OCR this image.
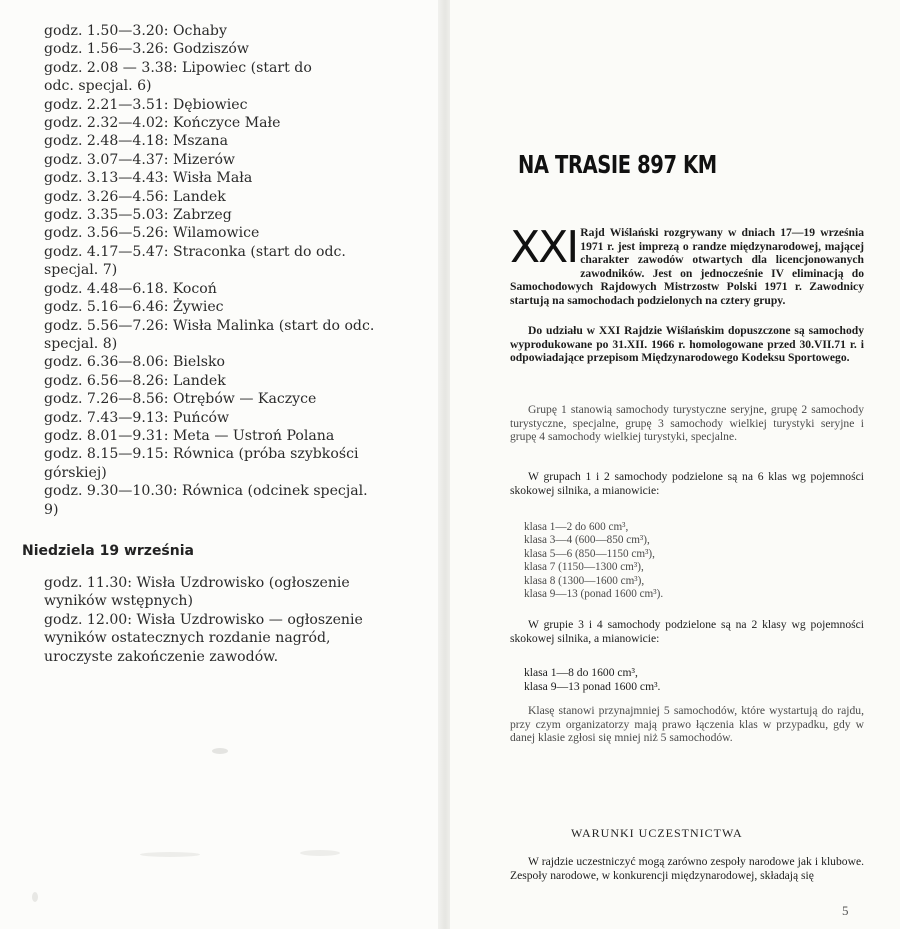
godz. 1.50—3.20: Ochaby
godz. 1.56—3.26: Godziszów
godz. 2.08 — 3.38: Lipowiec (start do odc. specjal. 6)
godz. 2.21—3.51: Dębiowiec
godz. 2.32—4.02: Kończyce Małe
godz. 2.48—4.18: Mszana
godz. 3.07—4.37: Mizerów
godz. 3.13—4.43: Wisła Mała
godz. 3.26—4.56: Landek
godz. 3.35—5.03: Zabrzeg
godz. 3.56—5.26: Wilamowice
godz. 4.17—5.47: Straconka (start do odc. specjal. 7)
godz. 4.48—6.18. Kocoń
godz. 5.16—6.46: Żywiec
godz. 5.56—7.26: Wisła Malinka (start do odc. specjal. 8)
godz. 6.36—8.06: Bielsko
godz. 6.56—8.26: Landek
godz. 7.26—8.56: Otrębów — Kaczyce
godz. 7.43—9.13: Puńców
godz. 8.01—9.31: Meta — Ustroń Polana
godz. 8.15—9.15: Równica (próba szybkości górskiej)
godz. 9.30—10.30: Równica (odcinek specjal. 9)
Niedziela 19 września
godz. 11.30: Wisła Uzdrowisko (ogłoszenie wyników wstępnych)
godz. 12.00: Wisła Uzdrowisko — ogłoszenie wyników ostatecznych rozdanie nagród, uroczyste zakończenie zawodów.
NA TRASIE 897 KM
XXI Rajd Wiślański rozgrywany w dniach 17—19 września 1971 r. jest imprezą o randze międzynarodowej, mającej charakter zawodów otwartych dla licencjonowanych zawodników. Jest on jednocześnie IV eliminacją do Samochodowych Rajdowych Mistrzostw Polski 1971 r. Zawodnicy startują na samochodach podzielonych na cztery grupy.

Do udziału w XXI Rajdzie Wiślańskim dopuszczone są samochody wyprodukowane po 31.XII. 1966 r. homologowane przed 30.VII.71 r. i odpowiadające przepisom Międzynarodowego Kodeksu Sportowego.

Grupę 1 stanowią samochody turystyczne seryjne, grupę 2 samochody turystyczne, specjalne, grupę 3 samochody wielkiej turystyki seryjne i grupę 4 samochody wielkiej turystyki, specjalne.

W grupach 1 i 2 samochody podzielone są na 6 klas wg pojemności skokowej silnika, a mianowicie:

klasa 1—2 do 600 cm³,
klasa 3—4 (600—850 cm³),
klasa 5—6 (850—1150 cm³),
klasa 7 (1150—1300 cm³),
klasa 8 (1300—1600 cm³),
klasa 9—13 (ponad 1600 cm³).

W grupie 3 i 4 samochody podzielone są na 2 klasy wg pojemności skokowej silnika, a mianowicie:

klasa 1—8 do 1600 cm³,
klasa 9—13 ponad 1600 cm³.

Klasę stanowi przynajmniej 5 samochodów, które wystartują do rajdu, przy czym organizatorzy mają prawo łączenia klas w przypadku, gdy w danej klasie zgłosi się mniej niż 5 samochodów.

WARUNKI UCZESTNICTWA

W rajdzie uczestniczyć mogą zarówno zespoły narodowe jak i klubowe. Zespoły narodowe, w konkurencji międzynarodowej, składają się

5
